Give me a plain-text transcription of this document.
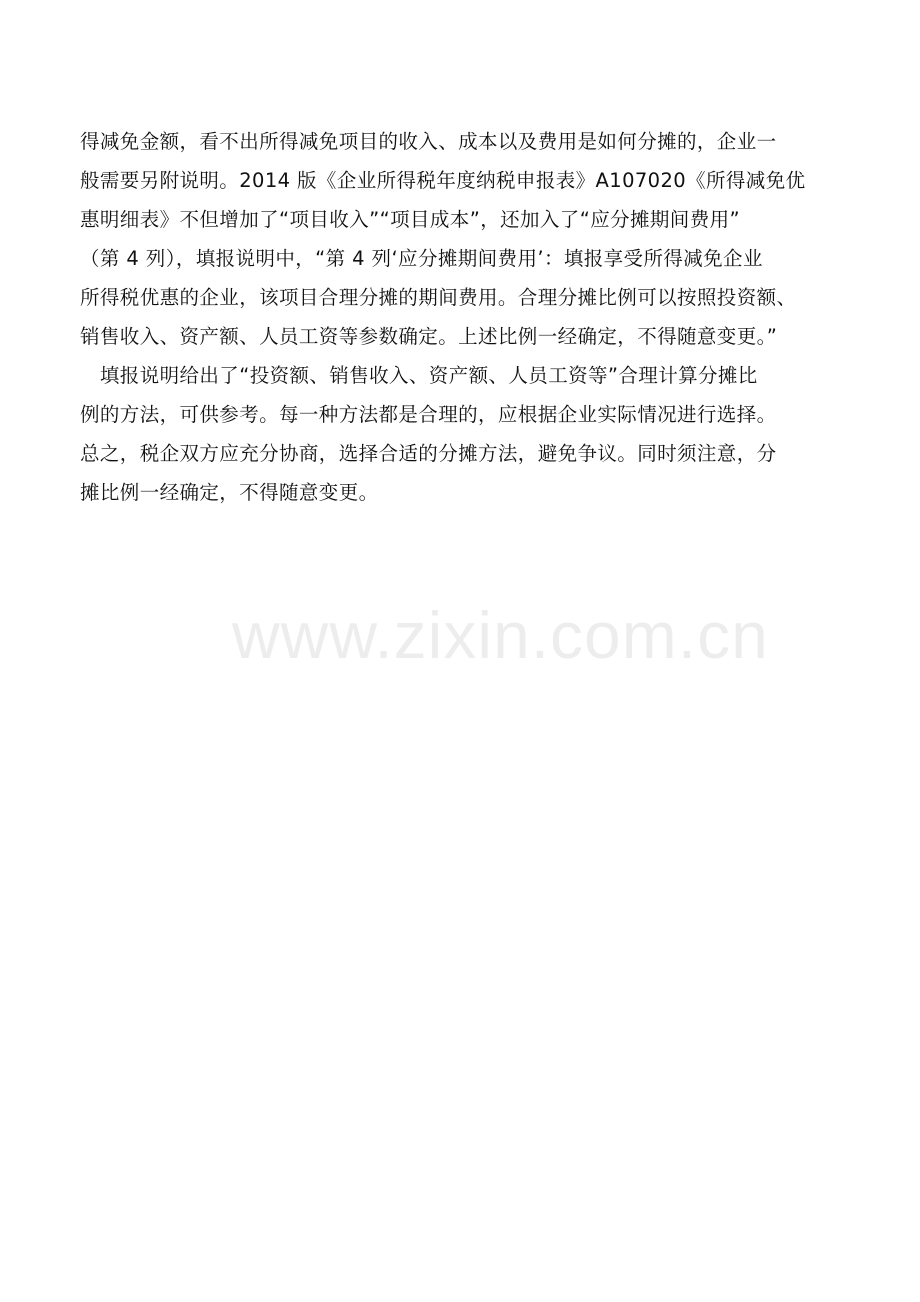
www.zixin.com.cn
得减免金额，看不出所得减免项目的收入、成本以及费用是如何分摊的，企业一
般需要另附说明。2014 版《企业所得税年度纳税申报表》A107020《所得减免优
惠明细表》不但增加了“项目收入”“项目成本”，还加入了“应分摊期间费用”
（第 4 列），填报说明中，“第 4 列‘应分摊期间费用’：填报享受所得减免企业
所得税优惠的企业，该项目合理分摊的期间费用。合理分摊比例可以按照投资额、
销售收入、资产额、人员工资等参数确定。上述比例一经确定，不得随意变更。”
　填报说明给出了“投资额、销售收入、资产额、人员工资等”合理计算分摊比
例的方法，可供参考。每一种方法都是合理的，应根据企业实际情况进行选择。
总之，税企双方应充分协商，选择合适的分摊方法，避免争议。同时须注意，分
摊比例一经确定，不得随意变更。
